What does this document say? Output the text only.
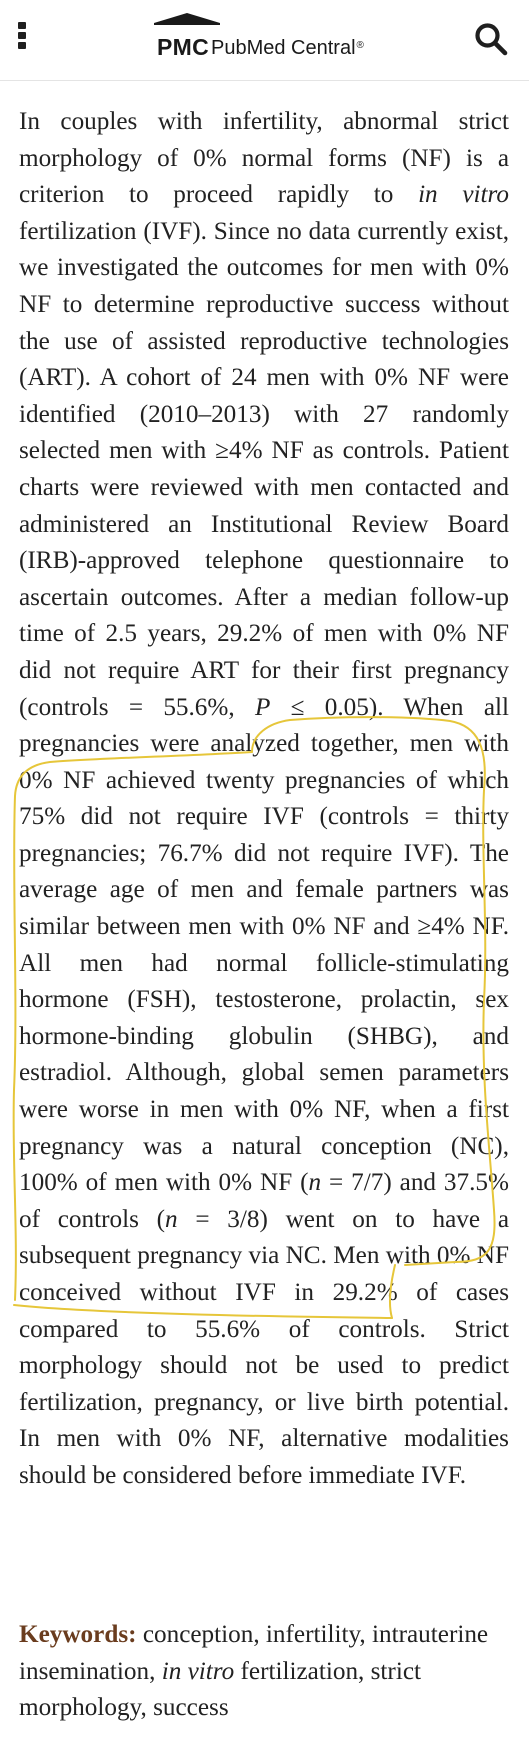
PMC PubMed Central®

In couples with infertility, abnormal strict morphology of 0% normal forms (NF) is a criterion to proceed rapidly to in vitro fertilization (IVF). Since no data currently exist, we investigated the outcomes for men with 0% NF to determine reproductive success without the use of assisted reproductive technologies (ART). A cohort of 24 men with 0% NF were identified (2010–2013) with 27 randomly selected men with ≥4% NF as controls. Patient charts were reviewed with men contacted and administered an Institutional Review Board (IRB)-approved telephone questionnaire to ascertain outcomes. After a median follow-up time of 2.5 years, 29.2% of men with 0% NF did not require ART for their first pregnancy (controls = 55.6%, P ≤ 0.05). When all pregnancies were analyzed together, men with 0% NF achieved twenty pregnancies of which 75% did not require IVF (controls = thirty pregnancies; 76.7% did not require IVF). The average age of men and female partners was similar between men with 0% NF and ≥4% NF. All men had normal follicle-stimulating hormone (FSH), testosterone, prolactin, sex hormone-binding globulin (SHBG), and estradiol. Although, global semen parameters were worse in men with 0% NF, when a first pregnancy was a natural conception (NC), 100% of men with 0% NF (n = 7/7) and 37.5% of controls (n = 3/8) went on to have a subsequent pregnancy via NC. Men with 0% NF conceived without IVF in 29.2% of cases compared to 55.6% of controls. Strict morphology should not be used to predict fertilization, pregnancy, or live birth potential. In men with 0% NF, alternative modalities should be considered before immediate IVF.

Keywords: conception, infertility, intrauterine insemination, in vitro fertilization, strict morphology, success
